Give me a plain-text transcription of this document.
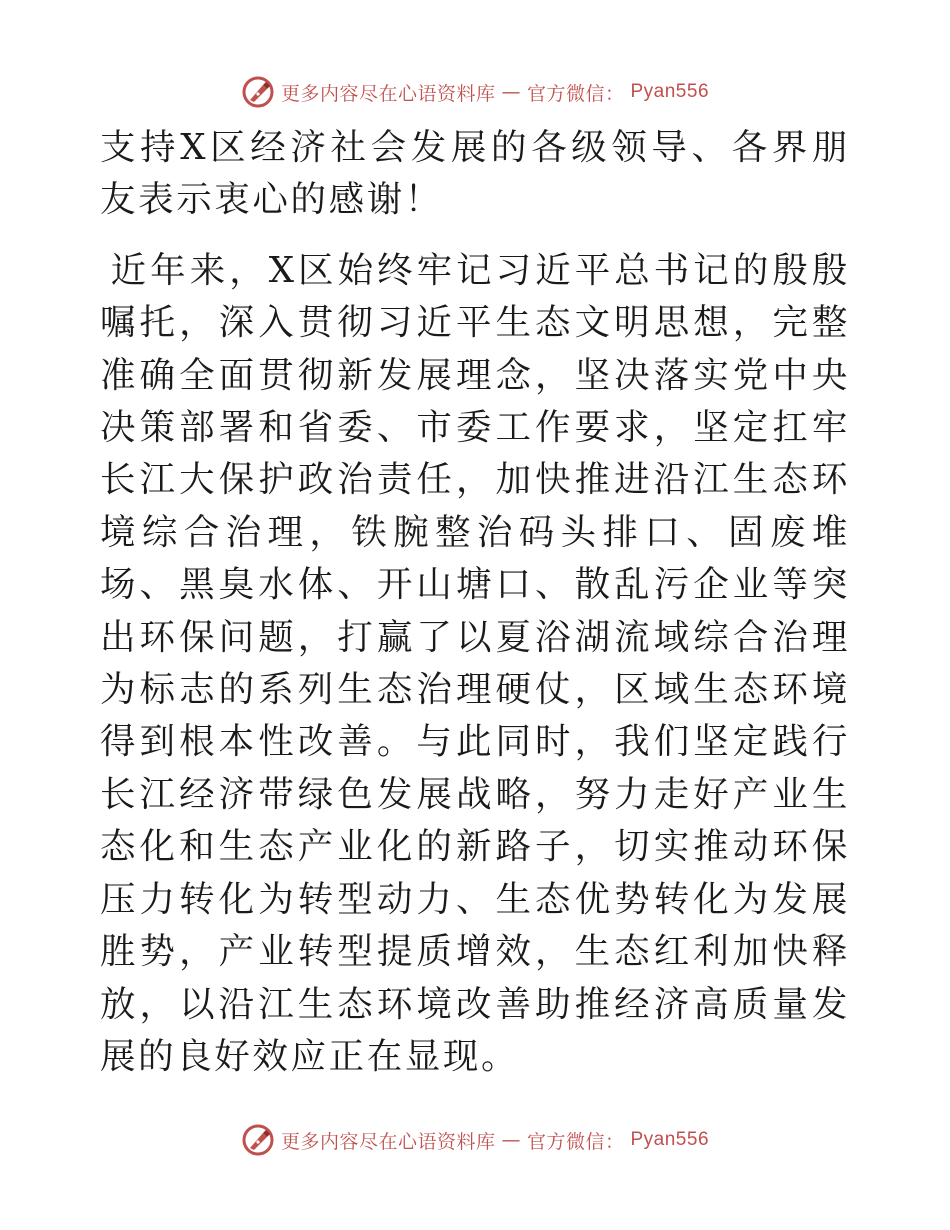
更多内容尽在心语资料库 — 官方微信： Pyan556

支持X区经济社会发展的各级领导、各界朋友表示衷心的感谢！

近年来，X区始终牢记习近平总书记的殷殷嘱托，深入贯彻习近平生态文明思想，完整准确全面贯彻新发展理念，坚决落实党中央决策部署和省委、市委工作要求，坚定扛牢长江大保护政治责任，加快推进沿江生态环境综合治理，铁腕整治码头排口、固废堆场、黑臭水体、开山塘口、散乱污企业等突出环保问题，打赢了以夏浴湖流域综合治理为标志的系列生态治理硬仗，区域生态环境得到根本性改善。与此同时，我们坚定践行长江经济带绿色发展战略，努力走好产业生态化和生态产业化的新路子，切实推动环保压力转化为转型动力、生态优势转化为发展胜势，产业转型提质增效，生态红利加快释放，以沿江生态环境改善助推经济高质量发展的良好效应正在显现。

更多内容尽在心语资料库 — 官方微信： Pyan556
